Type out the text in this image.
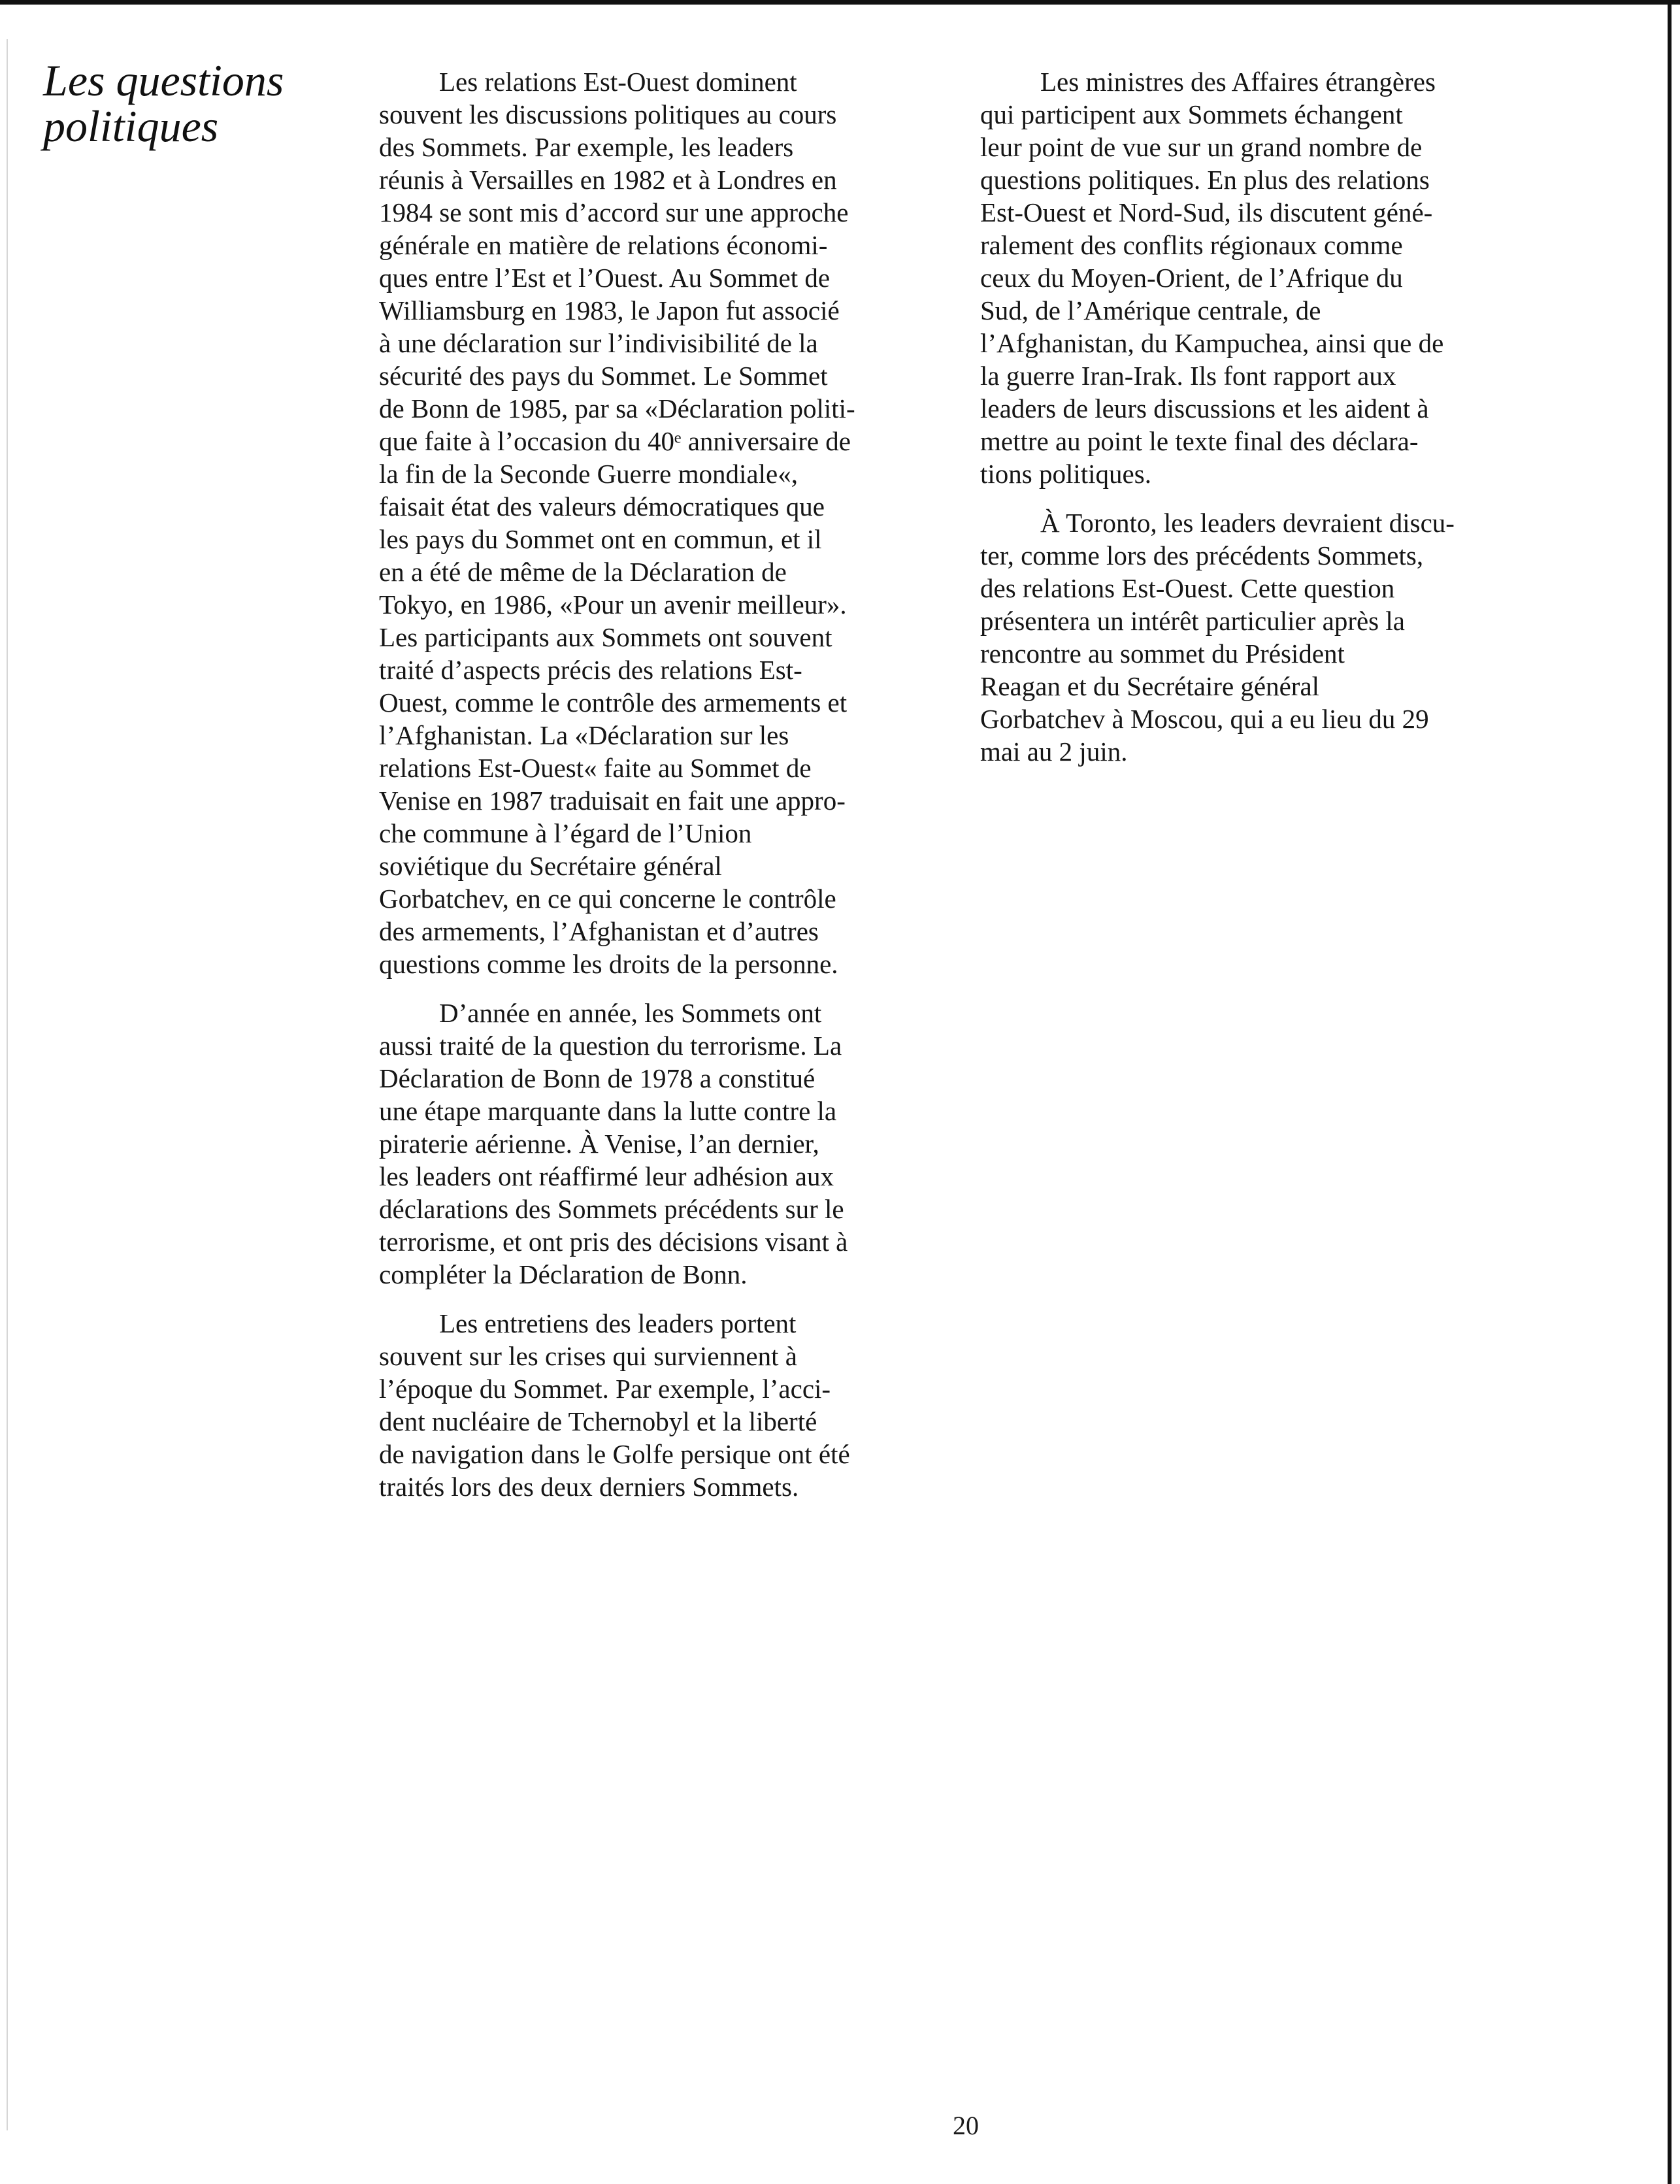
Les questions
politiques
Les relations Est-Ouest dominent
souvent les discussions politiques au cours
des Sommets. Par exemple, les leaders
réunis à Versailles en 1982 et à Londres en
1984 se sont mis d’accord sur une approche
générale en matière de relations économi-
ques entre l’Est et l’Ouest. Au Sommet de
Williamsburg en 1983, le Japon fut associé
à une déclaration sur l’indivisibilité de la
sécurité des pays du Sommet. Le Sommet
de Bonn de 1985, par sa «Déclaration politi-
que faite à l’occasion du 40ᵉ anniversaire de
la fin de la Seconde Guerre mondiale«,
faisait état des valeurs démocratiques que
les pays du Sommet ont en commun, et il
en a été de même de la Déclaration de
Tokyo, en 1986, «Pour un avenir meilleur».
Les participants aux Sommets ont souvent
traité d’aspects précis des relations Est-
Ouest, comme le contrôle des armements et
l’Afghanistan. La «Déclaration sur les
relations Est-Ouest« faite au Sommet de
Venise en 1987 traduisait en fait une appro-
che commune à l’égard de l’Union
soviétique du Secrétaire général
Gorbatchev, en ce qui concerne le contrôle
des armements, l’Afghanistan et d’autres
questions comme les droits de la personne.
D’année en année, les Sommets ont
aussi traité de la question du terrorisme. La
Déclaration de Bonn de 1978 a constitué
une étape marquante dans la lutte contre la
piraterie aérienne. À Venise, l’an dernier,
les leaders ont réaffirmé leur adhésion aux
déclarations des Sommets précédents sur le
terrorisme, et ont pris des décisions visant à
compléter la Déclaration de Bonn.
Les entretiens des leaders portent
souvent sur les crises qui surviennent à
l’époque du Sommet. Par exemple, l’acci-
dent nucléaire de Tchernobyl et la liberté
de navigation dans le Golfe persique ont été
traités lors des deux derniers Sommets.
Les ministres des Affaires étrangères
qui participent aux Sommets échangent
leur point de vue sur un grand nombre de
questions politiques. En plus des relations
Est-Ouest et Nord-Sud, ils discutent géné-
ralement des conflits régionaux comme
ceux du Moyen-Orient, de l’Afrique du
Sud, de l’Amérique centrale, de
l’Afghanistan, du Kampuchea, ainsi que de
la guerre Iran-Irak. Ils font rapport aux
leaders de leurs discussions et les aident à
mettre au point le texte final des déclara-
tions politiques.
À Toronto, les leaders devraient discu-
ter, comme lors des précédents Sommets,
des relations Est-Ouest. Cette question
présentera un intérêt particulier après la
rencontre au sommet du Président
Reagan et du Secrétaire général
Gorbatchev à Moscou, qui a eu lieu du 29
mai au 2 juin.
20
